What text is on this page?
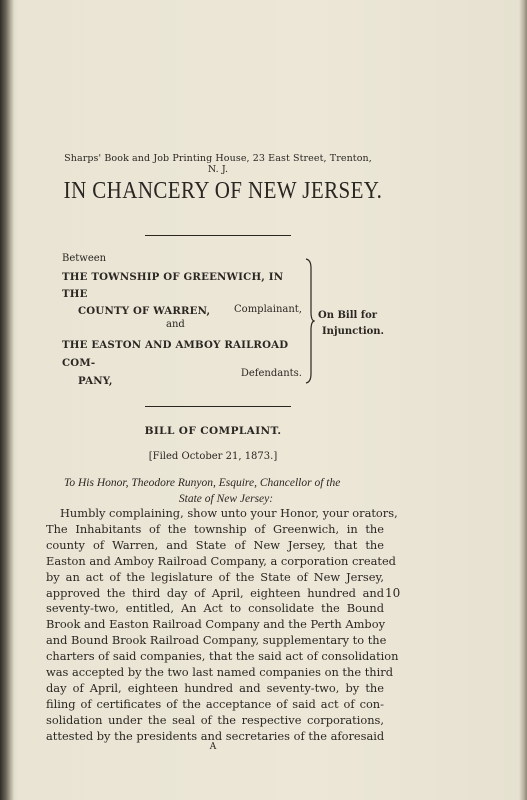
Sharps' Book and Job Printing House, 23 East Street, Trenton, N. J.
IN CHANCERY OF NEW JERSEY.
Between
THE TOWNSHIP OF GREENWICH, IN THE
COUNTY OF WARREN,	Complainant,
and
THE EASTON AND AMBOY RAILROAD COM-
PANY,
Defendants.
On Bill for
Injunction.
BILL OF COMPLAINT.
[Filed October 21, 1873.]
To His Honor, Theodore Runyon, Esquire, Chancellor of the
State of New Jersey:
Humbly complaining, show unto your Honor, your orators,
The Inhabitants of the township of Greenwich, in the
county of Warren, and State of New Jersey, that the
Easton and Amboy Railroad Company, a corporation created
by an act of the legislature of the State of New Jersey,
approved the third day of April, eighteen hundred and
seventy-two, entitled, An Act to consolidate the Bound
Brook and Easton Railroad Company and the Perth Amboy
and Bound Brook Railroad Company, supplementary to the
charters of said companies, that the said act of consolidation
was accepted by the two last named companies on the third
day of April, eighteen hundred and seventy-two, by the
filing of certificates of the acceptance of said act of con-
solidation under the seal of the respective corporations,
attested by the presidents and secretaries of the aforesaid
10
A
